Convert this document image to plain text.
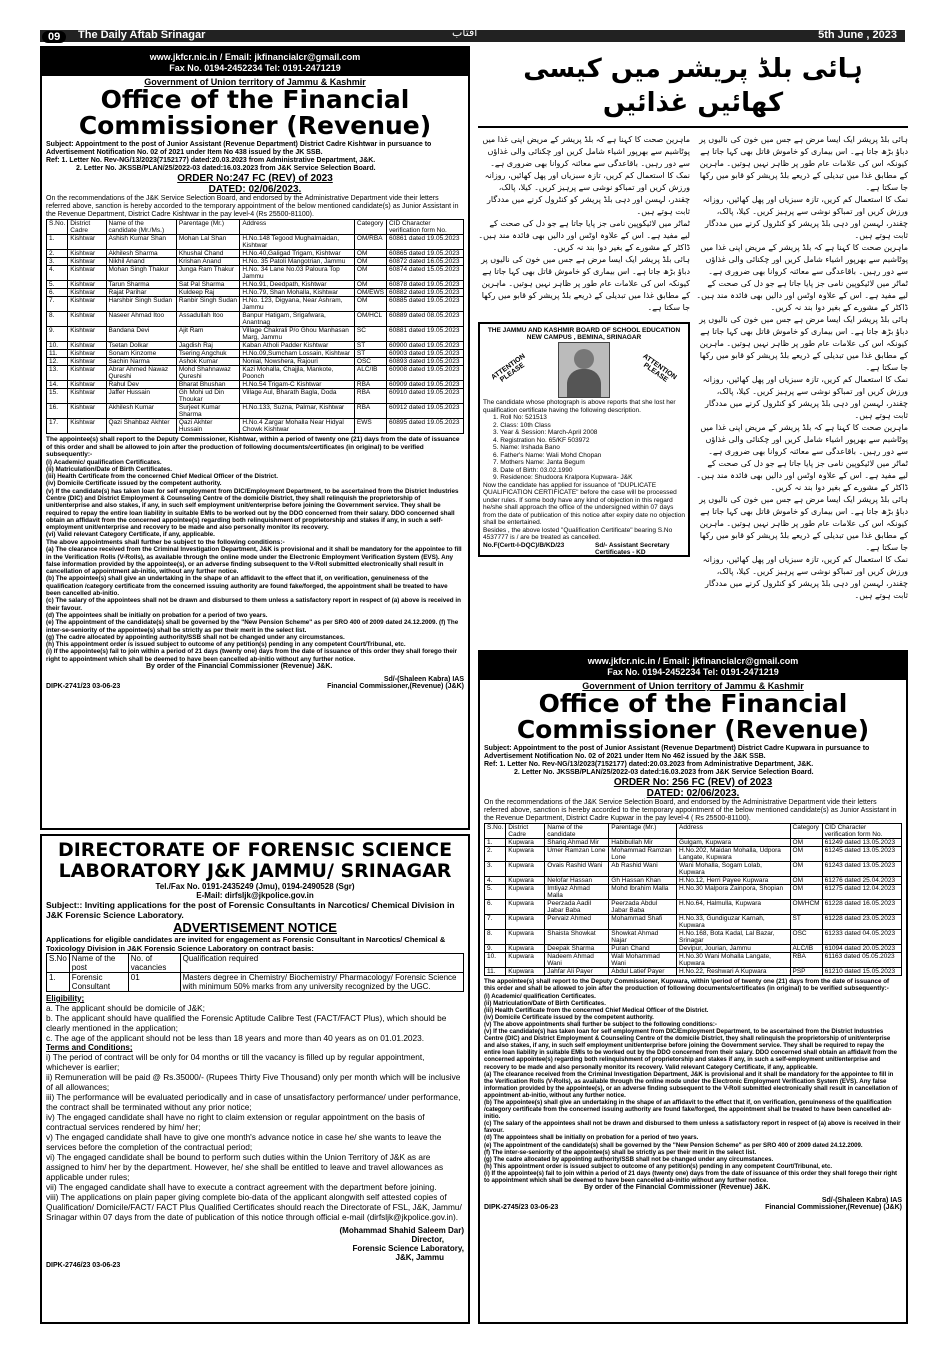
09	The Daily Aftab Srinagar	آفتاب	5th June , 2023
www.jkfcr.nic.in / Email: jkfinancialcr@gmail.com
Fax No. 0194-2452234 Tel: 0191-2471219
Government of Union territory of Jammu & Kashmir
Office of the Financial
Commissioner (Revenue)
Subject: Appointment to the post of Junior Assistant (Revenue Department) District Cadre Kishtwar in pursuance to Advertisement Notification No. 02 of 2021 under Item No 438 issued by the JK SSB.
Ref: 1. Letter No. Rev-NG/13/2023(7152177) dated:20.03.2023 from Administrative Department, J&K.
2. Letter No. JKSSB/PLAN/25/2022-03 dated:16.03.2023 from J&K Service Selection Board.
ORDER No:247 FC (REV) of 2023
DATED: 02/06/2023.
On the recommendations of the J&K Service Selection Board, and endorsed by the Administrative Department vide their letters referred above, sanction is hereby accorded to the temporary appointment of the below mentioned candidate(s) as Junior Assistant in the Revenue Department, District Cadre Kishtwar in the pay level-4 (Rs 25500-81100).
S.No.	District Cadre	Name of the candidate (Mr./Ms.)	Parentage (Mr.)	Address	Category	CID Character verification form No.
1.	Kishtwar	Ashish Kumar Shan	Mohan Lal Shan	H.No.148 Tegood Mughalmaidan, Kishtwar	OM/RBA	60861 dated 19.05.2023
2.	Kishtwar	Akhilesh Sharma	Khushal Chand	H.No.40,Galigad Trigam, Kishtwar	OM	60865 dated 19.05.2023
3.	Kishtwar	Nikhil Anand	Krishan Anand	H.No. 35 Patoli Mangotrian, Jammu	OM	60872 dated 16.05.2023
4.	Kishtwar	Mohan Singh Thakur	Junga Ram Thakur	H.No. 34 Lane No.03 Paloura Top Jammu	OM	60874 dated 15.05.2023
5.	Kishtwar	Tarun Sharma	Sat Pal Sharma	H.No.91, Deedpath, Kishtwar	OM	60878 dated 19.05.2023
6.	Kishtwar	Rajat Parihar	Kuldeep Raj	H.No.79, Shan Mohalla, Kishtwar	OM/EWS	60882 dated 19.05.2023
7.	Kishtwar	Harshbir Singh Sudan	Ranbir Singh Sudan	H.No. 123, Digyana, Near Ashram, Jammu	OM	60885 dated 19.05.2023
8.	Kishtwar	Naseer Ahmad Itoo	Assadullah Itoo	Banpur Hatigam, Srigafwara, Anantnag	OM/HCL	60889 dated 08.05.2023
9.	Kishtwar	Bandana Devi	Ajit Ram	Village Chakrali P/o Ghou Manhasan Marg, Jammu	SC	60881 dated 19.05.2023
10.	Kishtwar	Tsetan Dolkar	Jagdish Raj	Kaban Atholi Padder Kishtwar	ST	60900 dated 19.05.2023
11.	Kishtwar	Sonam Kinzome	Tsering Angchuk	H.No.09,Sumcham Lossain, Kishtwar	ST	60903 dated 19.05.2023
12.	Kishtwar	Sachin Narma	Ashok Kumar	Nonial, Nowshera, Rajouri	OSC	60893 dated 19.05.2023
13.	Kishtwar	Abrar Ahmed Nawaz Qureshi	Mohd Shahnawaz Qureshi	Kazi Mohalla, Chajjla, Mankote, Poonch	ALC/IB	60908 dated 19.05.2023
14.	Kishtwar	Rahul Dev	Bharat Bhushan	H.No.54 Trigam-C Kishtwar	RBA	60909 dated 19.05.2023
15.	Kishtwar	Jaffer Hussain	Gh Mohi ud Din Thoukar	Village Aul, Bharath Bagla, Doda	RBA	60910 dated 19.05.2023
16.	Kishtwar	Akhilesh Kumar	Surjeet Kumar Sharma	H.No.133, Suzna, Palmar, Kishtwar	RBA	60912 dated 19.05.2023
17.	Kishtwar	Qazi Shahbaz Akhter	Qazi Akhter Hussain	H.No.4 Zargar Mohalla Near Hidyal Chowk Kishtwar	EWS	60895 dated 19.05.2023
The appointee(s) shall report to the Deputy Commissioner, Kishtwar, within a period of twenty one (21) days from the date of issuance of this order and shall be allowed to join after the production of following documents/certificates (in original) to be verified subsequently:-
(i) Academic/ qualification Certificates.
(ii) Matriculation/Date of Birth Certificates.
(iii) Health Certificate from the concerned Chief Medical Officer of the District.
(iv) Domicile Certificate issued by the competent authority.
(v) If the candidate(s) has taken loan for self employment from DIC/Employment Department, to be ascertained from the District Industries Centre (DIC) and District Employment & Counseling Centre of the domicile District, they shall relinquish the proprietorship of unit/enterprise and also stakes, if any, in such self employment unit/enterprise before joining the Government service. They shall be required to repay the entire loan liability in suitable EMIs to be worked out by the DDO concerned from their salary. DDO concerned shall obtain an affidavit from the concerned appointee(s) regarding both relinquishment of proprietorship and stakes if any, in such a self-employment unit/enterprise and recovery to be made and also personally monitor its recovery.
(vi) Valid relevant Category Certificate, if any, applicable.
The above appointments shall further be subject to the following conditions:-
(a) The clearance received from the Criminal Investigation Department, J&K is provisional and it shall be mandatory for the appointee to fill in the Verification Rolls (V-Rolls), as available through the online mode under the Electronic Employment Verification System (EVS). Any false information provided by the appointee(s), or an adverse finding subsequent to the V-Roll submitted electronically shall result in cancellation of appointment ab-initio, without any further notice.
(b) The appointee(s) shall give an undertaking in the shape of an affidavit to the effect that if, on verification, genuineness of the qualification /category certificate from the concerned issuing authority are found fake/forged, the appointment shall be treated to have been cancelled ab-initio.
(c) The salary of the appointees shall not be drawn and disbursed to them unless a satisfactory report in respect of (a) above is received in their favour.
(d) The appointees shall be initially on probation for a period of two years.
(e) The appointment of the candidate(s) shall be governed by the "New Pension Scheme" as per SRO 400 of 2009 dated 24.12.2009. (f) The inter-se-seniority of the appointee(s) shall be strictly as per their merit in the select list.
(g) The cadre allocated by appointing authority/SSB shall not be changed under any circumstances.
(h) This appointment order is issued subject to outcome of any petition(s) pending in any competent Court/Tribunal, etc.
(i) If the appointee(s) fail to join within a period of 21 days (twenty one) days from the date of issuance of this order they shall forego their right to appointment which shall be deemed to have been cancelled ab-initio without any further notice.
By order of the Financial Commissioner (Revenue) J&K.
Sd/-(Shaleen Kabra) IAS
DIPK-2741/23 03-06-23	Financial Commissioner,(Revenue) (J&K)
DIRECTORATE OF FORENSIC SCIENCE
LABORATORY J&K JAMMU/ SRINAGAR
Tel./Fax No. 0191-2435249 (Jmu), 0194-2490528 (Sgr)
E-Mail: dirfsljk@jkpolice.gov.in
Subject:: Inviting applications for the post of Forensic Consultants in Narcotics/ Chemical Division in J&K Forensic Science Laboratory.
ADVERTISEMENT NOTICE
Applications for eligible candidates are invited for engagement as Forensic Consultant in Narcotics/ Chemical & Toxicology Division in J&K Forensic Science Laboratory on contract basis:
S.No	Name of the post	No. of vacancies	Qualification required
1.	Forensic Consultant	01	Masters degree in Chemistry/ Biochemistry/ Pharmacology/ Forensic Science with minimum 50% marks from any university recognized by the UGC.
Eligibility;
a. The applicant should be domicile of J&K;
b. The applicant should have qualified the Forensic Aptitude Calibre Test (FACT/FACT Plus), which should be clearly mentioned in the application;
c. The age of the applicant should not be less than 18 years and more than 40 years as on 01.01.2023.
Terms and Conditions;
i) The period of contract will be only for 04 months or till the vacancy is filled up by regular appointment, whichever is earlier;
ii) Remuneration will be paid @ Rs.35000/- (Rupees Thirty Five Thousand) only per month which will be inclusive of all allowances;
iii) The performance will be evaluated periodically and in case of unsatisfactory performance/ under performance, the contract shall be terminated without any prior notice;
iv) The engaged candidate shall have no right to claim extension or regular appointment on the basis of contractual services rendered by him/ her;
v) The engaged candidate shall have to give one month's advance notice in case he/ she wants to leave the services before the completion of the contractual period;
vi) The engaged candidate shall be bound to perform such duties within the Union Territory of J&K as are assigned to him/ her by the department. However, he/ she shall be entitled to leave and travel allowances as applicable under rules;
vii) The engaged candidate shall have to execute a contract agreement with the department before joining.
viii) The applications on plain paper giving complete bio-data of the applicant alongwith self attested copies of Qualification/ Domicile/FACT/ FACT Plus Qualified Certificates should reach the Directorate of FSL, J&K, Jammu/ Srinagar within 07 days from the date of publication of this notice through official e-mail (dirfsljk@jkpolice.gov.in).
(Mohammad Shahid Saleem Dar)
Director,
Forensic Science Laboratory,
J&K, Jammu
DIPK-2746/23 03-06-23
ہائی بلڈ پریشر میں کیسی کھائیں غذائیں
ہائی بلڈ پریشر ایک ایسا مرض ہے جس میں خون کی نالیوں پر دباؤ بڑھ جاتا ہے۔ اس بیماری کو خاموش قاتل بھی کہا جاتا ہے کیونکہ اس کی علامات عام طور پر ظاہر نہیں ہوتیں۔ ماہرین کے مطابق غذا میں تبدیلی کے ذریعے بلڈ پریشر کو قابو میں رکھا جا سکتا ہے۔
نمک کا استعمال کم کریں، تازہ سبزیاں اور پھل کھائیں، روزانہ ورزش کریں اور تمباکو نوشی سے پرہیز کریں۔ کیلا، پالک، چقندر، لہسن اور دہی بلڈ پریشر کو کنٹرول کرنے میں مددگار ثابت ہوتے ہیں۔
ماہرین صحت کا کہنا ہے کہ بلڈ پریشر کے مریض اپنی غذا میں پوٹاشیم سے بھرپور اشیاء شامل کریں اور چکنائی والی غذاؤں سے دور رہیں۔ باقاعدگی سے معائنہ کروانا بھی ضروری ہے۔
ٹماٹر میں لائیکوپین نامی جز پایا جاتا ہے جو دل کی صحت کے لیے مفید ہے۔ اس کے علاوہ اوٹس اور دالیں بھی فائدہ مند ہیں۔ ڈاکٹر کے مشورے کے بغیر دوا بند نہ کریں۔
ہائی بلڈ پریشر ایک ایسا مرض ہے جس میں خون کی نالیوں پر دباؤ بڑھ جاتا ہے۔ اس بیماری کو خاموش قاتل بھی کہا جاتا ہے کیونکہ اس کی علامات عام طور پر ظاہر نہیں ہوتیں۔ ماہرین کے مطابق غذا میں تبدیلی کے ذریعے بلڈ پریشر کو قابو میں رکھا جا سکتا ہے۔
نمک کا استعمال کم کریں، تازہ سبزیاں اور پھل کھائیں، روزانہ ورزش کریں اور تمباکو نوشی سے پرہیز کریں۔ کیلا، پالک، چقندر، لہسن اور دہی بلڈ پریشر کو کنٹرول کرنے میں مددگار ثابت ہوتے ہیں۔
ماہرین صحت کا کہنا ہے کہ بلڈ پریشر کے مریض اپنی غذا میں پوٹاشیم سے بھرپور اشیاء شامل کریں اور چکنائی والی غذاؤں سے دور رہیں۔ باقاعدگی سے معائنہ کروانا بھی ضروری ہے۔
ٹماٹر میں لائیکوپین نامی جز پایا جاتا ہے جو دل کی صحت کے لیے مفید ہے۔ اس کے علاوہ اوٹس اور دالیں بھی فائدہ مند ہیں۔ ڈاکٹر کے مشورے کے بغیر دوا بند نہ کریں۔
ہائی بلڈ پریشر ایک ایسا مرض ہے جس میں خون کی نالیوں پر دباؤ بڑھ جاتا ہے۔ اس بیماری کو خاموش قاتل بھی کہا جاتا ہے کیونکہ اس کی علامات عام طور پر ظاہر نہیں ہوتیں۔ ماہرین کے مطابق غذا میں تبدیلی کے ذریعے بلڈ پریشر کو قابو میں رکھا جا سکتا ہے۔
نمک کا استعمال کم کریں، تازہ سبزیاں اور پھل کھائیں، روزانہ ورزش کریں اور تمباکو نوشی سے پرہیز کریں۔ کیلا، پالک، چقندر، لہسن اور دہی بلڈ پریشر کو کنٹرول کرنے میں مددگار ثابت ہوتے ہیں۔
ماہرین صحت کا کہنا ہے کہ بلڈ پریشر کے مریض اپنی غذا میں پوٹاشیم سے بھرپور اشیاء شامل کریں اور چکنائی والی غذاؤں سے دور رہیں۔ باقاعدگی سے معائنہ کروانا بھی ضروری ہے۔
نمک کا استعمال کم کریں، تازہ سبزیاں اور پھل کھائیں، روزانہ ورزش کریں اور تمباکو نوشی سے پرہیز کریں۔ کیلا، پالک، چقندر، لہسن اور دہی بلڈ پریشر کو کنٹرول کرنے میں مددگار ثابت ہوتے ہیں۔
ٹماٹر میں لائیکوپین نامی جز پایا جاتا ہے جو دل کی صحت کے لیے مفید ہے۔ اس کے علاوہ اوٹس اور دالیں بھی فائدہ مند ہیں۔ ڈاکٹر کے مشورے کے بغیر دوا بند نہ کریں۔
ہائی بلڈ پریشر ایک ایسا مرض ہے جس میں خون کی نالیوں پر دباؤ بڑھ جاتا ہے۔ اس بیماری کو خاموش قاتل بھی کہا جاتا ہے کیونکہ اس کی علامات عام طور پر ظاہر نہیں ہوتیں۔ ماہرین کے مطابق غذا میں تبدیلی کے ذریعے بلڈ پریشر کو قابو میں رکھا جا سکتا ہے۔
THE JAMMU AND KASHMIR BOARD OF SCHOOL EDUCATION
NEW CAMPUS , BEMINA, SRINAGAR
ATTENTION PLEASE	ATTENTION PLEASE
The candidate whose photograph is above reports that she lost her qualification certificate having the following description.
1. Roll No: 521513
2. Class: 10th Class
3. Year & Session: March-April 2008
4. Registration No. 65/KF 503972
5. Name: Irshada Bano
6. Father's Name: Wali Mohd Chopan
7. Mothers Name: Janta Begum
8. Date of Birth: 03.02.1990
9. Residence: Shudoora Kralpora Kupwara- J&K
Now the candidate has applied for issuance of "DUPLICATE QUALIFICATION CERTIFICATE" before the case will be processed under rules. If some body have any kind of objection in this regard he/she shall approach the office of the undersigned within 07 days from the date of publication of this notice after expiry date no objection shall be entertained.
Besides , the above losted "Qualification Certificate" bearing S.No 4537777 is / are be treated as cancelled.
No.F(Certt-I-DQC)/B/KD/23	Sd/- Assistant Secretary Certificates - KD
www.jkfcr.nic.in / Email: jkfinancialcr@gmail.com
Fax No. 0194-2452234 Tel: 0191-2471219
Government of Union territory of Jammu & Kashmir
Office of the Financial
Commissioner (Revenue)
Subject: Appointment to the post of Junior Assistant (Revenue Department) District Cadre Kupwara in pursuance to Advertisement Notification No. 02 of 2021 under Item No 462 issued by the J&K SSB.
Ref: 1. Letter No. Rev-NG/13/2023(7152177) dated:20.03.2023 from Administrative Department, J&K.
2. Letter No. JKSSB/PLAN/25/2022-03 dated:16.03.2023 from J&K Service Selection Board.
ORDER No: 256 FC (REV) of 2023
DATED: 02/06/2023.
On the recommendations of the J&K Service Selection Board, and endorsed by the Administrative Department vide their letters referred above, sanction is hereby accorded to the temporary appointment of the below mentioned candidate(s) as Junior Assistant in the Revenue Department, District Cadre Kupwar in the pay level-4 ( Rs 25500-81100).
S.No.	District Cadre	Name of the candidate	Parentage (Mr.)	Address	Category	CID Character verification form No.
1.	Kupwara	Shariq Ahmad Mir	Habibullah Mir	Gulgam, Kupwara	OM	61249 dated 13.05.2023
2.	Kupwara	Umer Ramzan Lone	Mohammad Ramzan Lone	H.No.202, Maidan Mohalla, Udpora Langate, Kupwara	OM	61245 dated 13.05.2023
3.	Kupwara	Ovais Rashid Wani	Ab Rashid Wani	Wani Mohalla, Sogam Lolab, Kupwara	OM	61243 dated 13.05.2023
4.	Kupwara	Nelofar Hassan	Gh Hassan Khan	H.No.12, Herri Payee Kupwara	OM	61276 dated 25.04.2023
5.	Kupwara	Imtiyaz Ahmad Malla	Mohd Ibrahim Malla	H.No.30 Malpora Zainpora, Shopian	OM	61275 dated 12.04.2023
6.	Kupwara	Peerzada Aadil Jabar Baba	Peerzada Abdul Jabar Baba	H.No.64, Halmulla, Kupwara	OM/HCM	61228 dated 16.05.2023
7.	Kupwara	Pervaiz Ahmed	Mohammad Shafi	H.No.33, Gundiguzar Karnah, Kupwara	ST	61228 dated 23.05.2023
8.	Kupwara	Shaista Showkat	Showkat Ahmad Najar	H.No.168, Bota Kadal, Lal Bazar, Srinagar	OSC	61233 dated 04.05.2023
9.	Kupwara	Deepak Sharma	Puran Chand	Devipur, Jourian, Jammu	ALC/IB	61094 dated 20.05.2023
10.	Kupwara	Nadeem Ahmad Wani	Wali Mohammad Wani	H.No.30 Wani Mohalla Langate, Kupwara	RBA	61163 dated 05.05.2023
11.	Kupwara	Jahfar Ali Payer	Abdul Latief Payer	H.No.22, Reshwari A Kupwara	PSP	61210 dated 15.05.2023
The appointee(s) shall report to the Deputy Commissioner, Kupwara, within \period of twenty one (21) days from the date of issuance of this order and shall be allowed to join after the production of following documents/certificates (in original) to be verified subsequently:-
(i) Academic/ qualification Certificates.
(ii) Matriculation/Date of Birth Certificates.
(iii) Health Certificate from the concerned Chief Medical Officer of the District.
(iv) Domicile Certificate issued by the competent authority.
(v) The above appointments shall further be subject to the following conditions:-
(v) If the candidate(s) has taken loan for self employment from DIC/Employment Department, to be ascertained from the District Industries Centre (DIC) and District Employment & Counseling Centre of the domicile District, they shall relinquish the proprietorship of unit/enterprise and also stakes, if any, in such self employment unit/enterprise before joining the Government service. They shall be required to repay the entire loan liability in suitable EMIs to be worked out by the DDO concerned from their salary. DDO concerned shall obtain an affidavit from the concerned appointee(s) regarding both relinquishment of proprietorship and stakes if any, in such a self-employment unit/enterprise and recovery to be made and also personally monitor its recovery. Valid relevant Category Certificate, if any, applicable.
(a) The clearance received from the Criminal Investigation Department, J&K is provisional and it shall be mandatory for the appointee to fill in the Verification Rolls (V-Rolls), as available through the online mode under the Electronic Employment Verification System (EVS). Any false information provided by the appointee(s), or an adverse finding subsequent to the V-Roll submitted electronically shall result in cancellation of appointment ab-initio, without any further notice.
(b) The appointee(s) shall give an undertaking in the shape of an affidavit to the effect that if, on verification, genuineness of the qualification /category certificate from the concerned issuing authority are found fake/forged, the appointment shall be treated to have been cancelled ab-initio.
(c) The salary of the appointees shall not be drawn and disbursed to them unless a satisfactory report in respect of (a) above is received in their favour.
(d) The appointees shall be initially on probation for a period of two years.
(e) The appointment of the candidate(s) shall be governed by the "New Pension Scheme" as per SRO 400 of 2009 dated 24.12.2009.
(f) The inter-se-seniority of the appointee(s) shall be strictly as per their merit in the select list.
(g) The cadre allocated by appointing authority/SSB shall not be changed under any circumstances.
(h) This appointment order is issued subject to outcome of any petition(s) pending in any competent Court/Tribunal, etc.
(i) If the appointee(s) fail to join within a period of 21 days (twenty one) days from the date of issuance of this order they shall forego their right to appointment which shall be deemed to have been cancelled ab-initio without any further notice.
By order of the Financial Commissioner (Revenue) J&K.
Sd/-(Shaleen Kabra) IAS
DIPK-2745/23 03-06-23	Financial Commissioner,(Revenue) (J&K)
